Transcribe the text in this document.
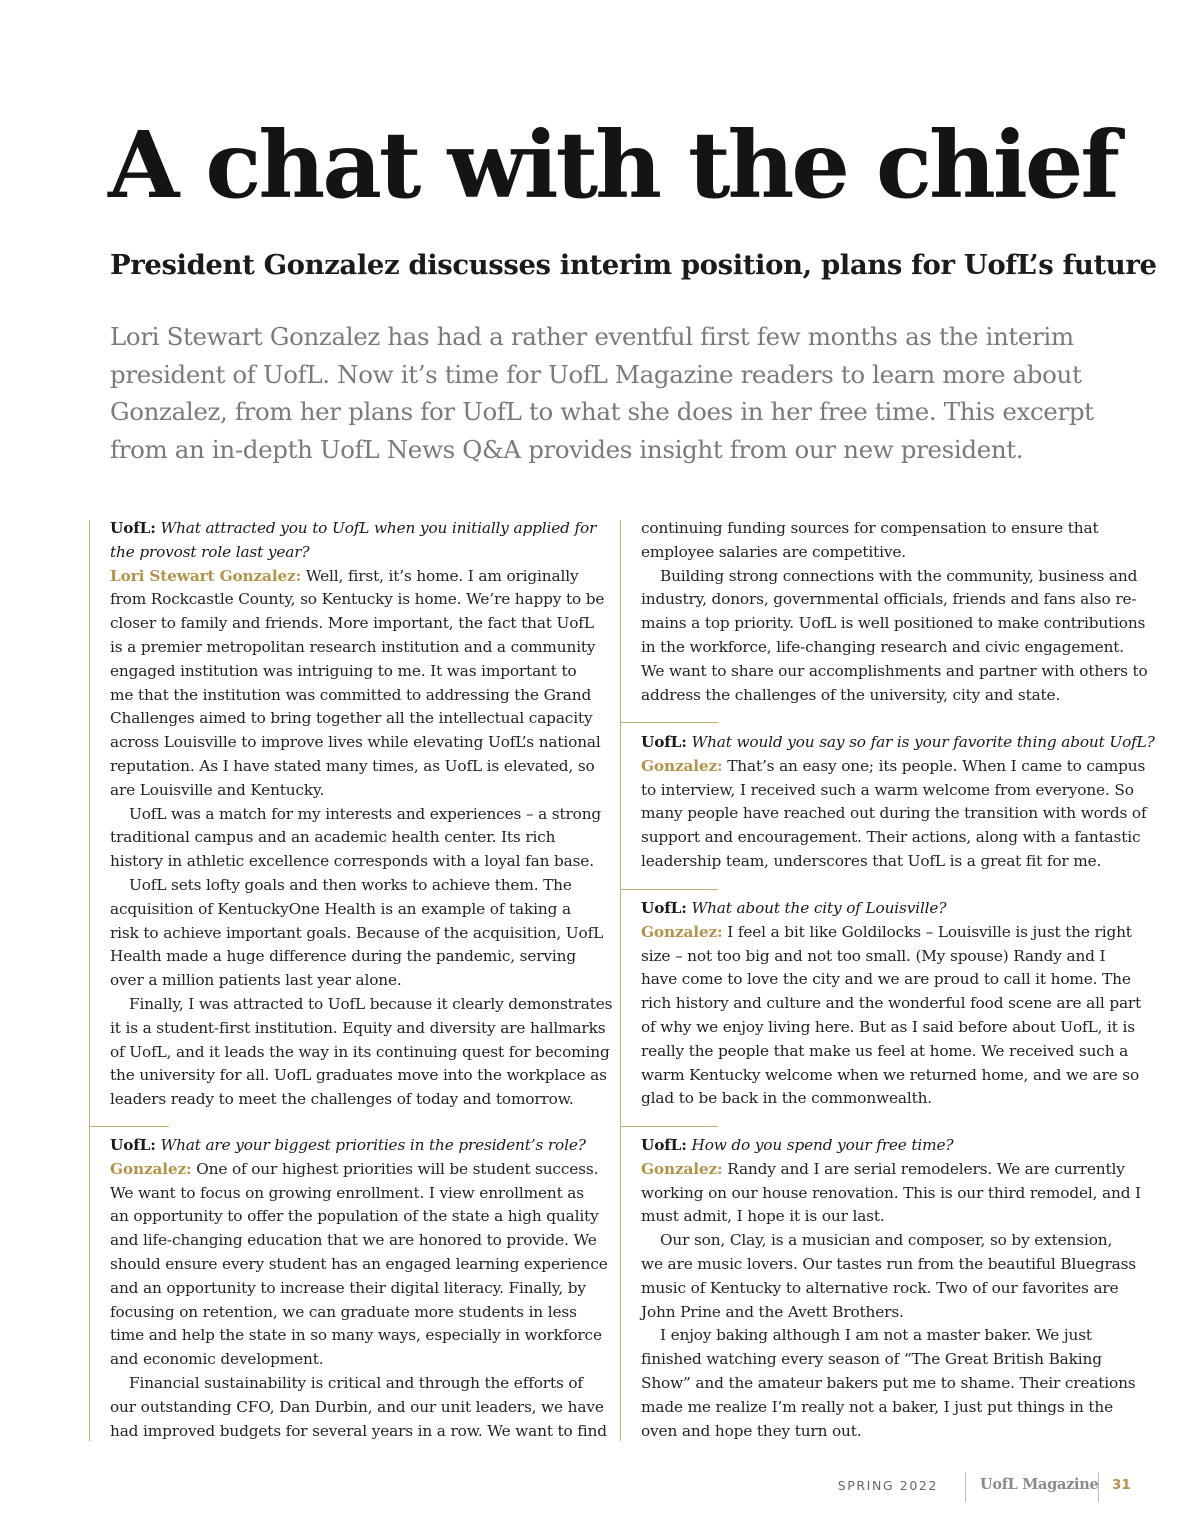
A chat with the chief
President Gonzalez discusses interim position, plans for UofL’s future
Lori Stewart Gonzalez has had a rather eventful first few months as the interim
president of UofL. Now it’s time for UofL Magazine readers to learn more about
Gonzalez, from her plans for UofL to what she does in her free time. This excerpt
from an in-depth UofL News Q&A provides insight from our new president.
UofL: What attracted you to UofL when you initially applied for
the provost role last year?
Lori Stewart Gonzalez: Well, first, it’s home. I am originally
from Rockcastle County, so Kentucky is home. We’re happy to be
closer to family and friends. More important, the fact that UofL
is a premier metropolitan research institution and a community
engaged institution was intriguing to me. It was important to
me that the institution was committed to addressing the Grand
Challenges aimed to bring together all the intellectual capacity
across Louisville to improve lives while elevating UofL’s national
reputation. As I have stated many times, as UofL is elevated, so
are Louisville and Kentucky.
UofL was a match for my interests and experiences – a strong
traditional campus and an academic health center. Its rich
history in athletic excellence corresponds with a loyal fan base.
UofL sets lofty goals and then works to achieve them. The
acquisition of KentuckyOne Health is an example of taking a
risk to achieve important goals. Because of the acquisition, UofL
Health made a huge difference during the pandemic, serving
over a million patients last year alone.
Finally, I was attracted to UofL because it clearly demonstrates
it is a student-first institution. Equity and diversity are hallmarks
of UofL, and it leads the way in its continuing quest for becoming
the university for all. UofL graduates move into the workplace as
leaders ready to meet the challenges of today and tomorrow.
UofL: What are your biggest priorities in the president’s role?
Gonzalez: One of our highest priorities will be student success.
We want to focus on growing enrollment. I view enrollment as
an opportunity to offer the population of the state a high quality
and life-changing education that we are honored to provide. We
should ensure every student has an engaged learning experience
and an opportunity to increase their digital literacy. Finally, by
focusing on retention, we can graduate more students in less
time and help the state in so many ways, especially in workforce
and economic development.
Financial sustainability is critical and through the efforts of
our outstanding CFO, Dan Durbin, and our unit leaders, we have
had improved budgets for several years in a row. We want to find
continuing funding sources for compensation to ensure that
employee salaries are competitive.
Building strong connections with the community, business and
industry, donors, governmental officials, friends and fans also re-
mains a top priority. UofL is well positioned to make contributions
in the workforce, life-changing research and civic engagement.
We want to share our accomplishments and partner with others to
address the challenges of the university, city and state.
UofL: What would you say so far is your favorite thing about UofL?
Gonzalez: That’s an easy one; its people. When I came to campus
to interview, I received such a warm welcome from everyone. So
many people have reached out during the transition with words of
support and encouragement. Their actions, along with a fantastic
leadership team, underscores that UofL is a great fit for me.
UofL: What about the city of Louisville?
Gonzalez: I feel a bit like Goldilocks – Louisville is just the right
size – not too big and not too small. (My spouse) Randy and I
have come to love the city and we are proud to call it home. The
rich history and culture and the wonderful food scene are all part
of why we enjoy living here. But as I said before about UofL, it is
really the people that make us feel at home. We received such a
warm Kentucky welcome when we returned home, and we are so
glad to be back in the commonwealth.
UofL: How do you spend your free time?
Gonzalez: Randy and I are serial remodelers. We are currently
working on our house renovation. This is our third remodel, and I
must admit, I hope it is our last.
Our son, Clay, is a musician and composer, so by extension,
we are music lovers. Our tastes run from the beautiful Bluegrass
music of Kentucky to alternative rock. Two of our favorites are
John Prine and the Avett Brothers.
I enjoy baking although I am not a master baker. We just
finished watching every season of “The Great British Baking
Show” and the amateur bakers put me to shame. Their creations
made me realize I’m really not a baker, I just put things in the
oven and hope they turn out.
SPRING 2022	UofL Magazine 31
